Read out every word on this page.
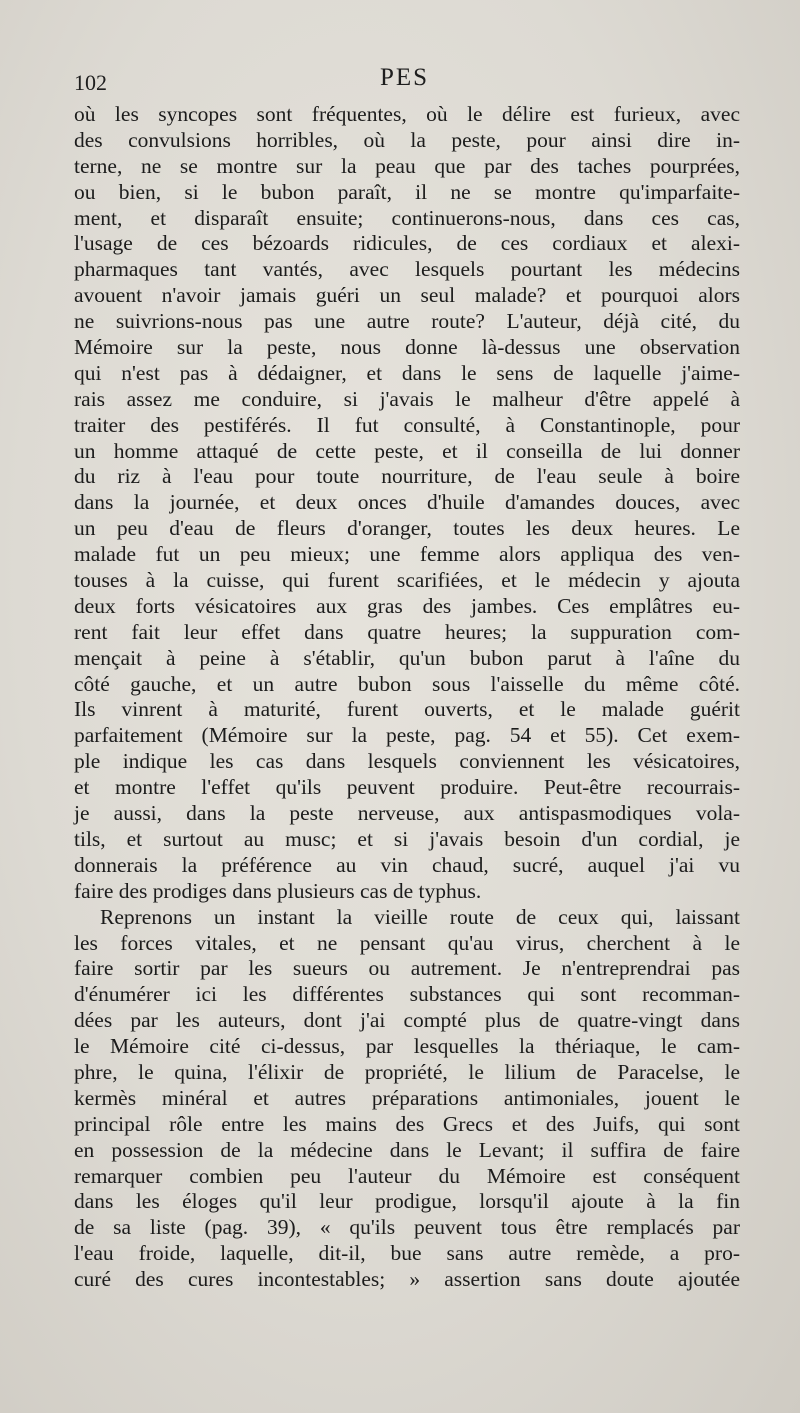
102	PES
où les syncopes sont fréquentes, où le délire est furieux, avec
des convulsions horribles, où la peste, pour ainsi dire in-
terne, ne se montre sur la peau que par des taches pourprées,
ou bien, si le bubon paraît, il ne se montre qu'imparfaite-
ment, et disparaît ensuite; continuerons-nous, dans ces cas,
l'usage de ces bézoards ridicules, de ces cordiaux et alexi-
pharmaques tant vantés, avec lesquels pourtant les médecins
avouent n'avoir jamais guéri un seul malade? et pourquoi alors
ne suivrions-nous pas une autre route? L'auteur, déjà cité, du
Mémoire sur la peste, nous donne là-dessus une observation
qui n'est pas à dédaigner, et dans le sens de laquelle j'aime-
rais assez me conduire, si j'avais le malheur d'être appelé à
traiter des pestiférés. Il fut consulté, à Constantinople, pour
un homme attaqué de cette peste, et il conseilla de lui donner
du riz à l'eau pour toute nourriture, de l'eau seule à boire
dans la journée, et deux onces d'huile d'amandes douces, avec
un peu d'eau de fleurs d'oranger, toutes les deux heures. Le
malade fut un peu mieux; une femme alors appliqua des ven-
touses à la cuisse, qui furent scarifiées, et le médecin y ajouta
deux forts vésicatoires aux gras des jambes. Ces emplâtres eu-
rent fait leur effet dans quatre heures; la suppuration com-
mençait à peine à s'établir, qu'un bubon parut à l'aîne du
côté gauche, et un autre bubon sous l'aisselle du même côté.
Ils vinrent à maturité, furent ouverts, et le malade guérit
parfaitement (Mémoire sur la peste, pag. 54 et 55). Cet exem-
ple indique les cas dans lesquels conviennent les vésicatoires,
et montre l'effet qu'ils peuvent produire. Peut-être recourrais-
je aussi, dans la peste nerveuse, aux antispasmodiques vola-
tils, et surtout au musc; et si j'avais besoin d'un cordial, je
donnerais la préférence au vin chaud, sucré, auquel j'ai vu
faire des prodiges dans plusieurs cas de typhus.
Reprenons un instant la vieille route de ceux qui, laissant
les forces vitales, et ne pensant qu'au virus, cherchent à le
faire sortir par les sueurs ou autrement. Je n'entreprendrai pas
d'énumérer ici les différentes substances qui sont recomman-
dées par les auteurs, dont j'ai compté plus de quatre-vingt dans
le Mémoire cité ci-dessus, par lesquelles la thériaque, le cam-
phre, le quina, l'élixir de propriété, le lilium de Paracelse, le
kermès minéral et autres préparations antimoniales, jouent le
principal rôle entre les mains des Grecs et des Juifs, qui sont
en possession de la médecine dans le Levant; il suffira de faire
remarquer combien peu l'auteur du Mémoire est conséquent
dans les éloges qu'il leur prodigue, lorsqu'il ajoute à la fin
de sa liste (pag. 39), « qu'ils peuvent tous être remplacés par
l'eau froide, laquelle, dit-il, bue sans autre remède, a pro-
curé des cures incontestables; » assertion sans doute ajoutée
